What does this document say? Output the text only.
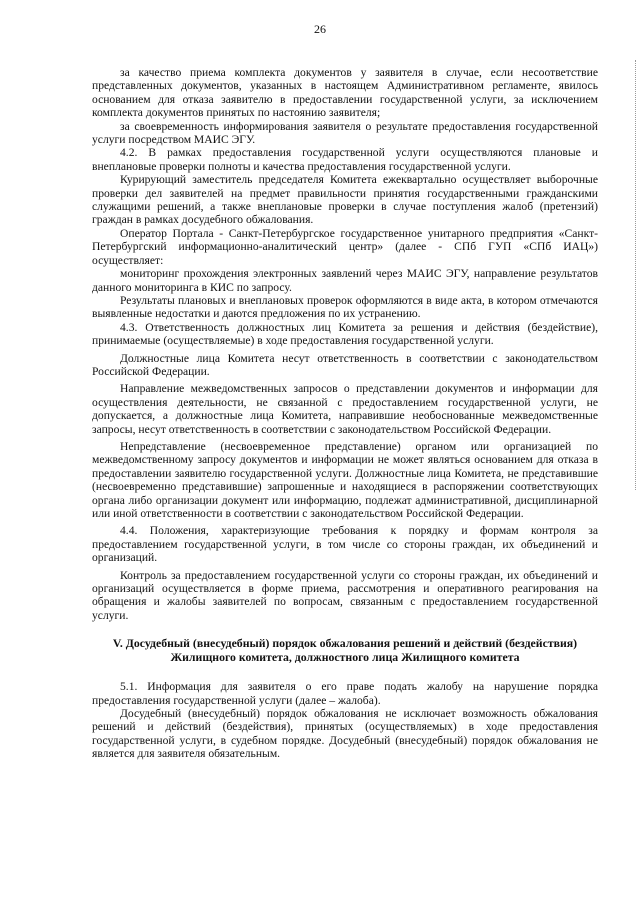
26

за качество приема комплекта документов у заявителя в случае, если несоответствие представленных документов, указанных в настоящем Административном регламенте, явилось основанием для отказа заявителю в предоставлении государственной услуги, за исключением комплекта документов принятых по настоянию заявителя;

за своевременность информирования заявителя о результате предоставления государственной услуги посредством МАИС ЭГУ.

4.2. В рамках предоставления государственной услуги осуществляются плановые и внеплановые проверки полноты и качества предоставления государственной услуги.

Курирующий заместитель председателя Комитета ежеквартально осуществляет выборочные проверки дел заявителей на предмет правильности принятия государственными гражданскими служащими решений, а также внеплановые проверки в случае поступления жалоб (претензий) граждан в рамках досудебного обжалования.

Оператор Портала - Санкт-Петербургское государственное унитарного предприятия «Санкт-Петербургский информационно-аналитический центр» (далее - СПб ГУП «СПб ИАЦ») осуществляет:

мониторинг прохождения электронных заявлений через МАИС ЭГУ, направление результатов данного мониторинга в КИС по запросу.

Результаты плановых и внеплановых проверок оформляются в виде акта, в котором отмечаются выявленные недостатки и даются предложения по их устранению.

4.3. Ответственность должностных лиц Комитета за решения и действия (бездействие), принимаемые (осуществляемые) в ходе предоставления государственной услуги.

Должностные лица Комитета несут ответственность в соответствии с законодательством Российской Федерации.

Направление межведомственных запросов о представлении документов и информации для осуществления деятельности, не связанной с предоставлением государственной услуги, не допускается, а должностные лица Комитета, направившие необоснованные межведомственные запросы, несут ответственность в соответствии с законодательством Российской Федерации.

Непредставление (несвоевременное представление) органом или организацией по межведомственному запросу документов и информации не может являться основанием для отказа в предоставлении заявителю государственной услуги. Должностные лица Комитета, не представившие (несвоевременно представившие) запрошенные и находящиеся в распоряжении соответствующих органа либо организации документ или информацию, подлежат административной, дисциплинарной или иной ответственности в соответствии с законодательством Российской Федерации.

4.4. Положения, характеризующие требования к порядку и формам контроля за предоставлением государственной услуги, в том числе со стороны граждан, их объединений и организаций.

Контроль за предоставлением государственной услуги со стороны граждан, их объединений и организаций осуществляется в форме приема, рассмотрения и оперативного реагирования на обращения и жалобы заявителей по вопросам, связанным с предоставлением государственной услуги.

V. Досудебный (внесудебный) порядок обжалования решений и действий (бездействия) Жилищного комитета, должностного лица Жилищного комитета

5.1. Информация для заявителя о его праве подать жалобу на нарушение порядка предоставления государственной услуги (далее – жалоба).

Досудебный (внесудебный) порядок обжалования не исключает возможность обжалования решений и действий (бездействия), принятых (осуществляемых) в ходе предоставления государственной услуги, в судебном порядке. Досудебный (внесудебный) порядок обжалования не является для заявителя обязательным.
